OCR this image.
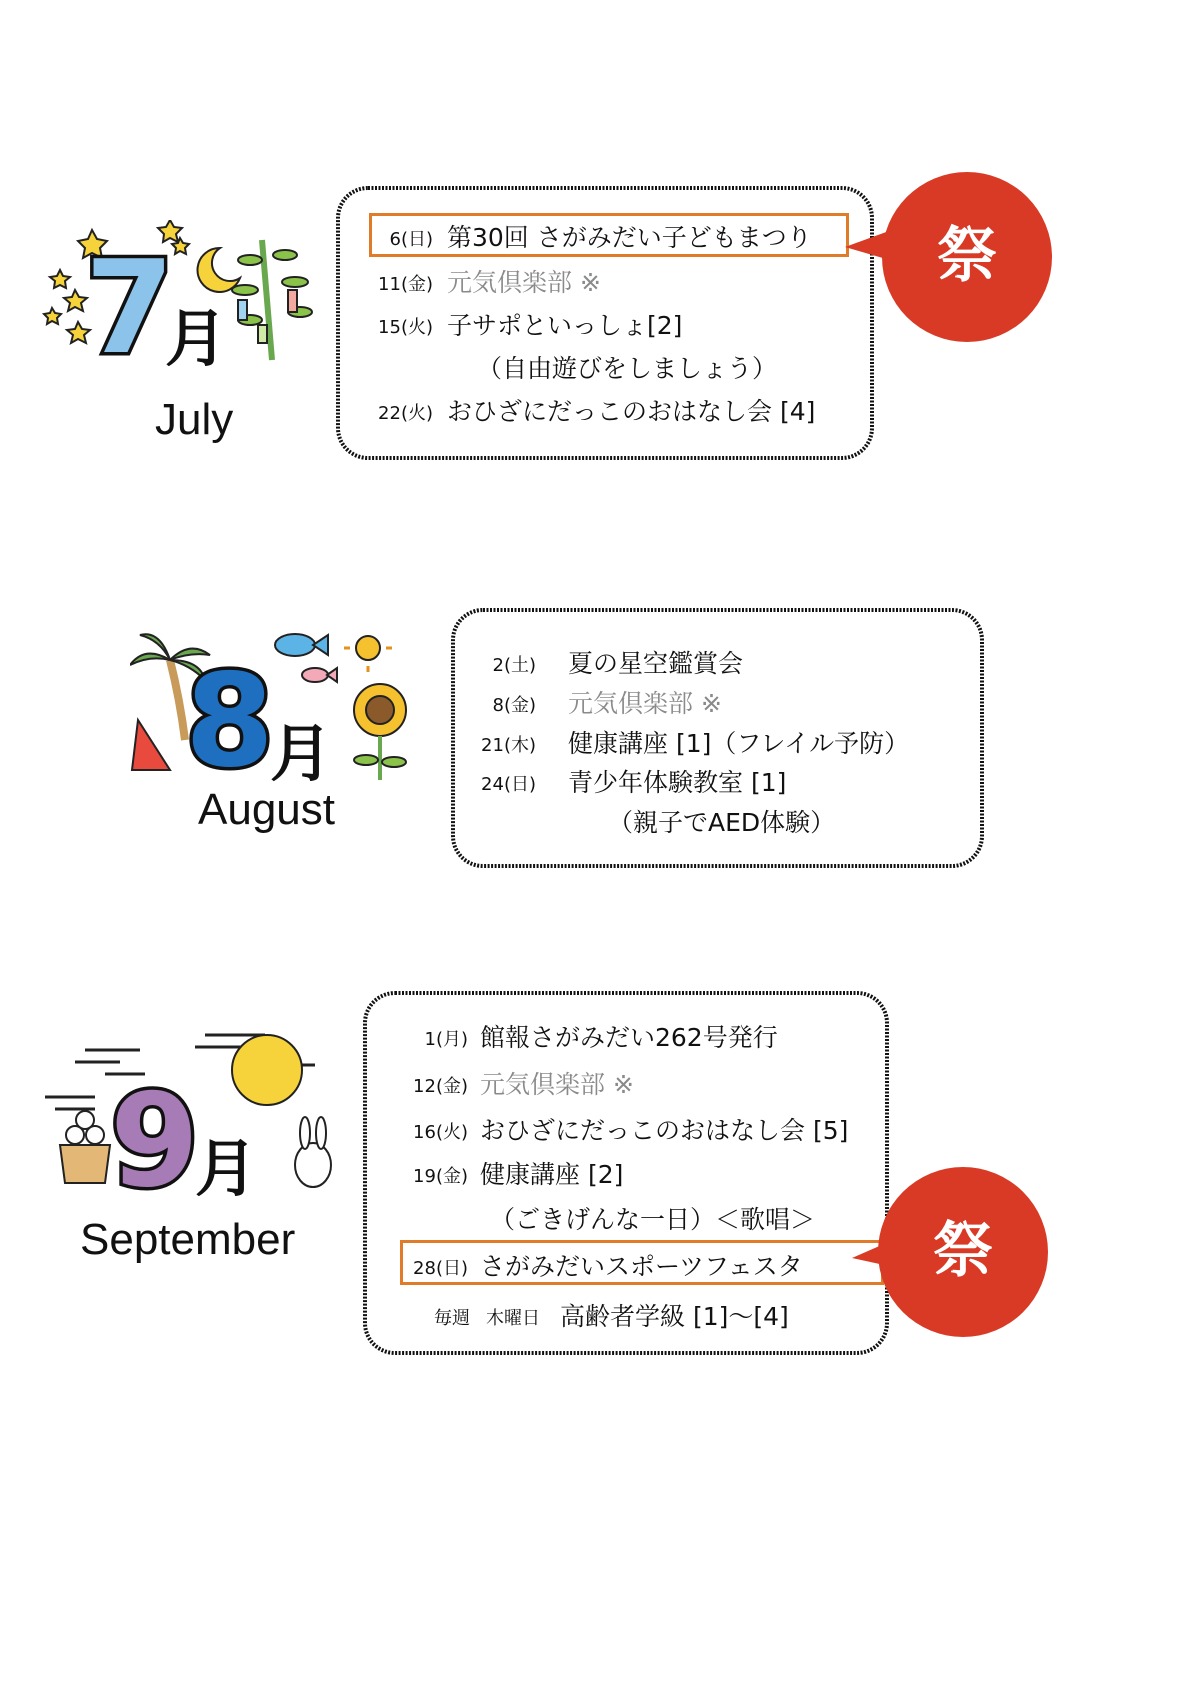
7
月
July
6(日) 第30回 さがみだい子どもまつり
11(金) 元気倶楽部 ※
15(火) 子サポといっしょ[2]
（自由遊びをしましょう）
22(火) おひざにだっこのおはなし会 [4]
祭
8
月
August
2(土) 夏の星空鑑賞会
8(金) 元気倶楽部 ※
21(木) 健康講座 [1]（フレイル予防）
24(日) 青少年体験教室 [1]
（親子でAED体験）
9
月
September
1(月) 館報さがみだい262号発行
12(金) 元気倶楽部 ※
16(火) おひざにだっこのおはなし会 [5]
19(金) 健康講座 [2]
（ごきげんな一日）＜歌唱＞
28(日) さがみだいスポーツフェスタ
毎週 木曜日 高齢者学級 [1]〜[4]
祭
